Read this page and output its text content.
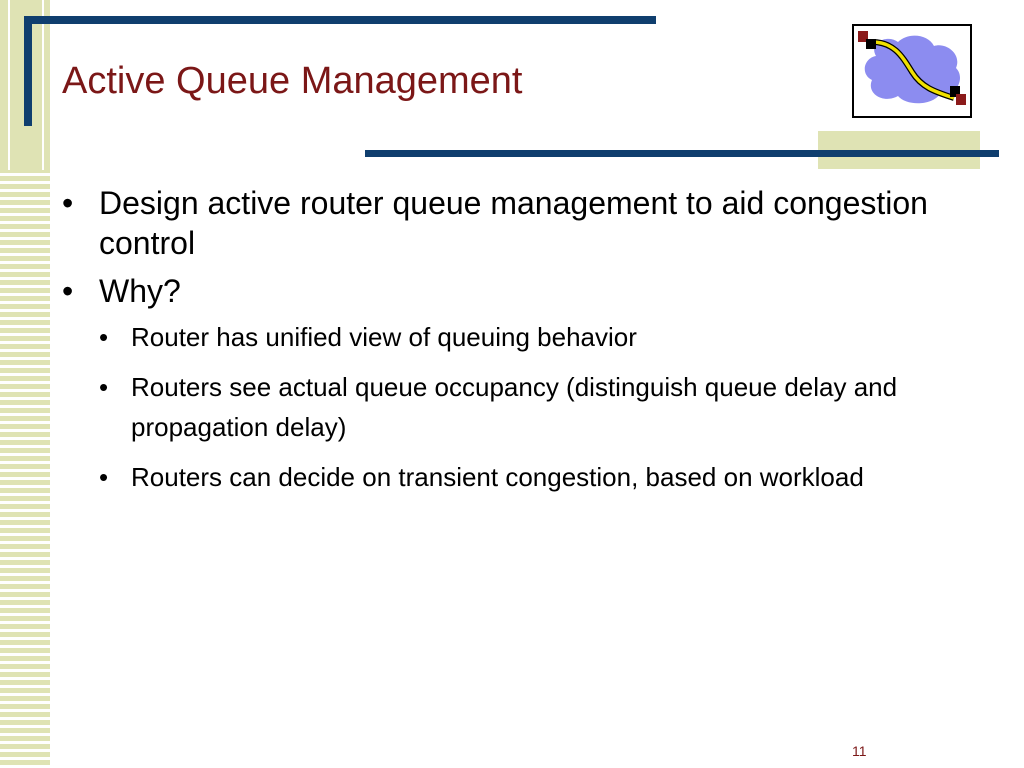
Active Queue Management
• Design active router queue management to aid congestion control
• Why?
• Router has unified view of queuing behavior
• Routers see actual queue occupancy (distinguish queue delay and propagation delay)
• Routers can decide on transient congestion, based on workload
11
